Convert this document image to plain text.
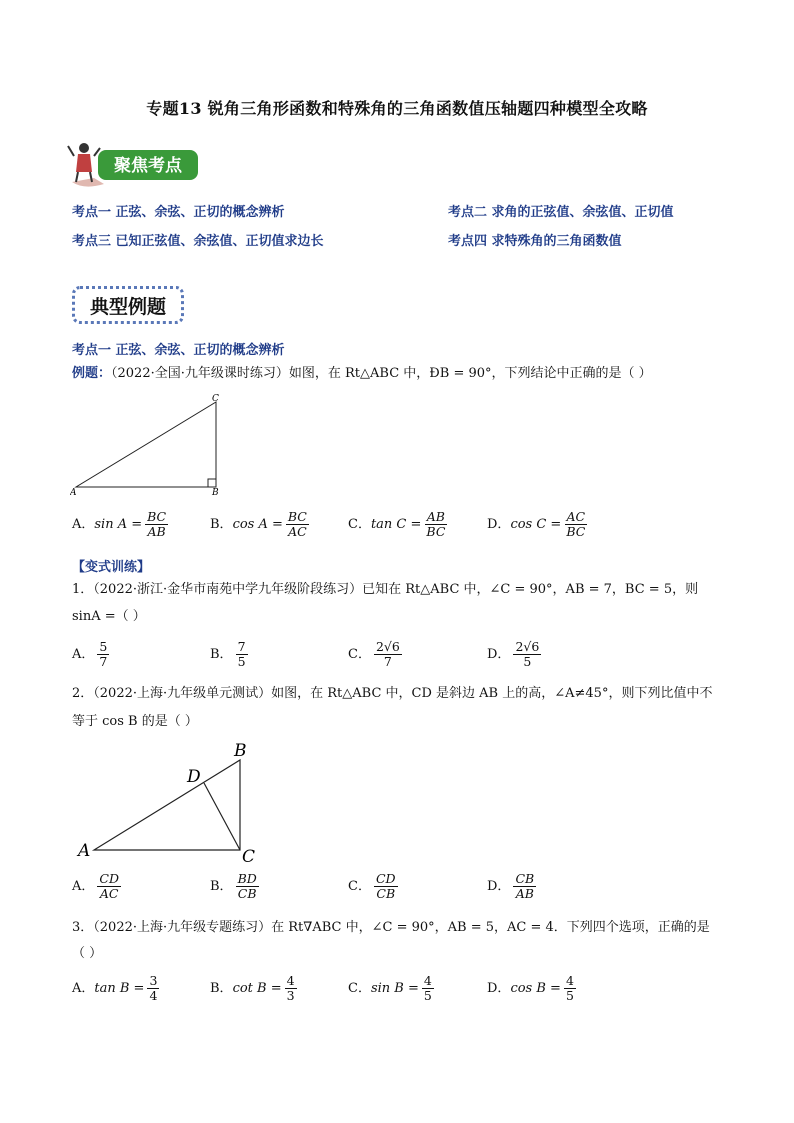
专题13 锐角三角形函数和特殊角的三角函数值压轴题四种模型全攻略
聚焦考点
考点一 正弦、余弦、正切的概念辨析	考点二 求角的正弦值、余弦值、正切值
考点三 已知正弦值、余弦值、正切值求边长	考点四 求特殊角的三角函数值
典型例题
考点一 正弦、余弦、正切的概念辨析
例题：（2022·全国·九年级课时练习）如图，在 Rt△ABC 中，ÐB = 90°，下列结论中正确的是（ ）
A	B
C
A．$\sin A = \frac{BC}{AB}$	B．$\cos A = \frac{BC}{AC}$	C．$\tan C = \frac{AB}{BC}$	D．$\cos C = \frac{AC}{BC}$
【变式训练】
1．（2022·浙江·金华市南苑中学九年级阶段练习）已知在 Rt△ABC 中，∠C = 90°，AB = 7，BC = 5，则
sinA =（ ）
A． $\frac{5}{7}$	B． $\frac{7}{5}$	C． $\frac{2√6}{7}$	D． $\frac{2√6}{5}$
2．（2022·上海·九年级单元测试）如图，在 Rt△ABC 中，CD 是斜边 AB 上的高，∠A≠45°，则下列比值中不
等于 cos B 的是（ ）
A
B
C
D
A． $\frac{CD}{AC}$	B． $\frac{BD}{CB}$	C． $\frac{CD}{CB}$	D． $\frac{CB}{AB}$
3．（2022·上海·九年级专题练习）在 Rt∇ABC 中，∠C = 90°，AB = 5，AC = 4．下列四个选项，正确的是
（ ）
A．$\tan B = \frac{3}{4}$	B．$\cot B = \frac{4}{3}$	C．$\sin B = \frac{4}{5}$	D．$\cos B = \frac{4}{5}$
